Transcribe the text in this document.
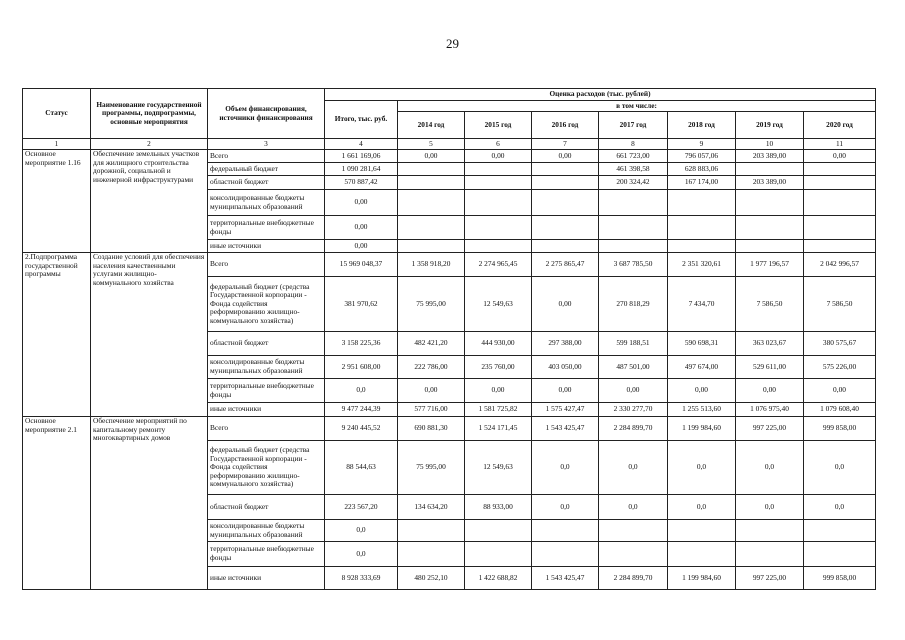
29
Статус	Наименование государственной программы, подпрограммы, основные мероприятия	Объем финансирования, источники финансирования	Оценка расходов (тыс. рублей)							
			Итого, тыс. руб.	в том числе:						
				2014 год	2015 год	2016 год	2017 год	2018 год	2019 год	2020 год
1	2	3	4	5	6	7	8	9	10	11
Основное мероприятие 1.16	Обеспечение земельных участков для жилищного строительства дорожной, социальной и инженерной инфраструктурами	Всего	1 661 169,06	0,00	0,00	0,00	661 723,00	796 057,06	203 389,00	0,00
		федеральный бюджет	1 090 281,64				461 398,58	628 883,06		
		областной бюджет	570 887,42				200 324,42	167 174,00	203 389,00	
		консолидированные бюджеты муниципальных образований	0,00							
		территориальные внебюджетные фонды	0,00							
		иные источники	0,00							
2.Подпрограмма государственной программы	Создание условий для обеспечения населения качественными услугами жилищно-коммунального хозяйства	Всего	15 969 048,37	1 358 918,20	2 274 965,45	2 275 865,47	3 687 785,50	2 351 320,61	1 977 196,57	2 042 996,57
		федеральный бюджет (средства Государственной корпорации - Фонда содействия реформированию жилищно-коммунального хозяйства)	381 970,62	75 995,00	12 549,63	0,00	270 818,29	7 434,70	7 586,50	7 586,50
		областной бюджет	3 158 225,36	482 421,20	444 930,00	297 388,00	599 188,51	590 698,31	363 023,67	380 575,67
		консолидированные бюджеты муниципальных образований	2 951 608,00	222 786,00	235 760,00	403 050,00	487 501,00	497 674,00	529 611,00	575 226,00
		территориальные внебюджетные фонды	0,0	0,00	0,00	0,00	0,00	0,00	0,00	0,00
		иные источники	9 477 244,39	577 716,00	1 581 725,82	1 575 427,47	2 330 277,70	1 255 513,60	1 076 975,40	1 079 608,40
Основное мероприятие 2.1	Обеспечение мероприятий по капитальному ремонту многоквартирных домов	Всего	9 240 445,52	690 881,30	1 524 171,45	1 543 425,47	2 284 899,70	1 199 984,60	997 225,00	999 858,00
		федеральный бюджет (средства Государственной корпорации - Фонда содействия реформированию жилищно-коммунального хозяйства)	88 544,63	75 995,00	12 549,63	0,0	0,0	0,0	0,0	0,0
		областной бюджет	223 567,20	134 634,20	88 933,00	0,0	0,0	0,0	0,0	0,0
		консолидированные бюджеты муниципальных образований	0,0							
		территориальные внебюджетные фонды	0,0							
		иные источники	8 928 333,69	480 252,10	1 422 688,82	1 543 425,47	2 284 899,70	1 199 984,60	997 225,00	999 858,00
